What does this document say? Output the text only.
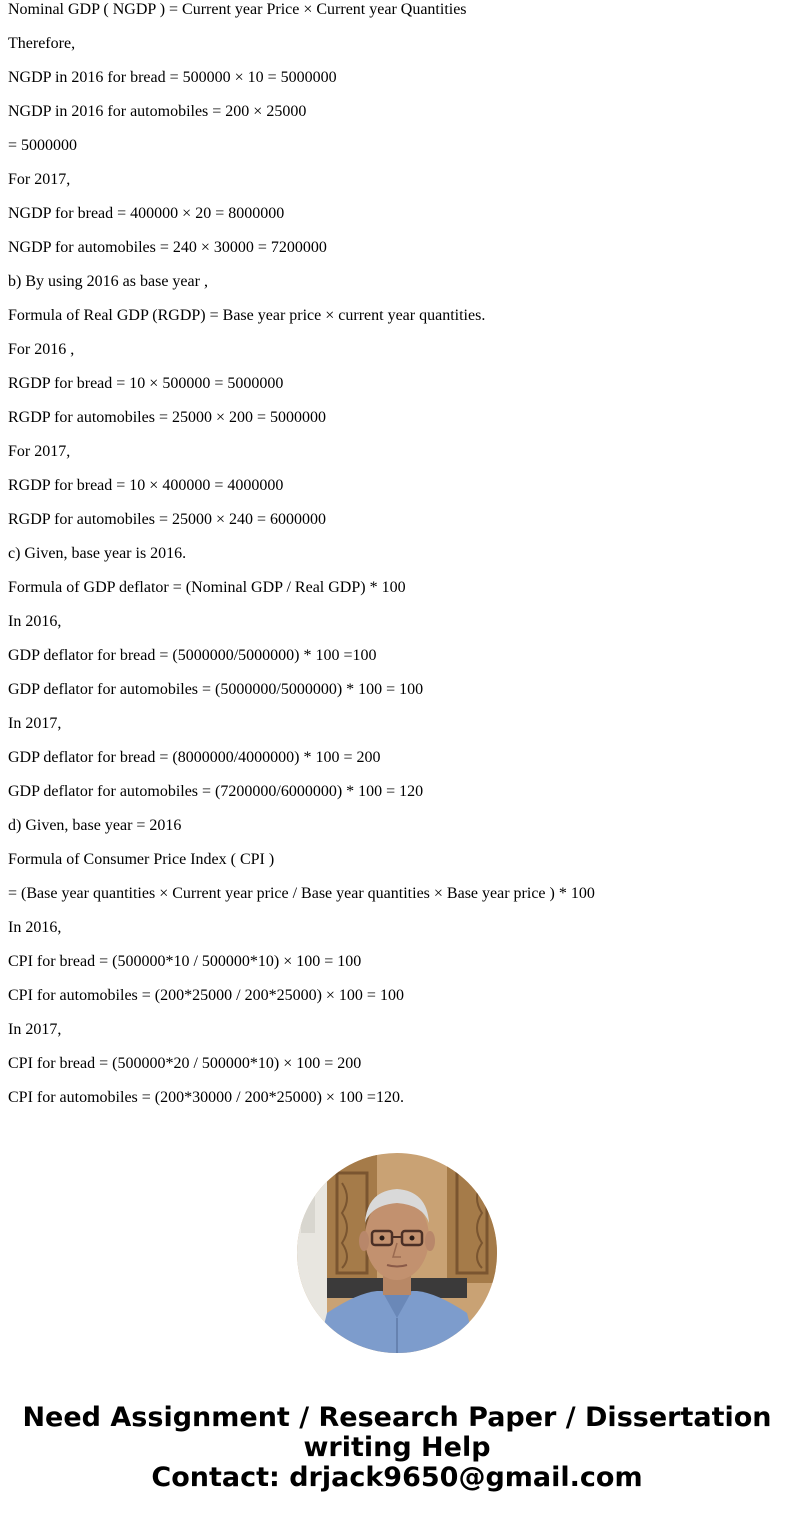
Nominal GDP ( NGDP ) = Current year Price × Current year Quantities

Therefore,

NGDP in 2016 for bread = 500000 × 10 = 5000000

NGDP in 2016 for automobiles = 200 × 25000

= 5000000

For 2017,

NGDP for bread = 400000 × 20 = 8000000

NGDP for automobiles = 240 × 30000 = 7200000

b) By using 2016 as base year ,

Formula of Real GDP (RGDP) = Base year price × current year quantities.

For 2016 ,

RGDP for bread = 10 × 500000 = 5000000

RGDP for automobiles = 25000 × 200 = 5000000

For 2017,

RGDP for bread = 10 × 400000 = 4000000

RGDP for automobiles = 25000 × 240 = 6000000

c) Given, base year is 2016.

Formula of GDP deflator = (Nominal GDP / Real GDP) * 100

In 2016,

GDP deflator for bread = (5000000/5000000) * 100 =100

GDP deflator for automobiles = (5000000/5000000) * 100 = 100

In 2017,

GDP deflator for bread = (8000000/4000000) * 100 = 200

GDP deflator for automobiles = (7200000/6000000) * 100 = 120

d) Given, base year = 2016

Formula of Consumer Price Index ( CPI )

= (Base year quantities × Current year price / Base year quantities × Base year price ) * 100

In 2016,

CPI for bread = (500000*10 / 500000*10) × 100 = 100

CPI for automobiles = (200*25000 / 200*25000) × 100 = 100

In 2017,

CPI for bread = (500000*20 / 500000*10) × 100 = 200

CPI for automobiles = (200*30000 / 200*25000) × 100 =120.

Need Assignment / Research Paper / Dissertation
writing Help
Contact: drjack9650@gmail.com
